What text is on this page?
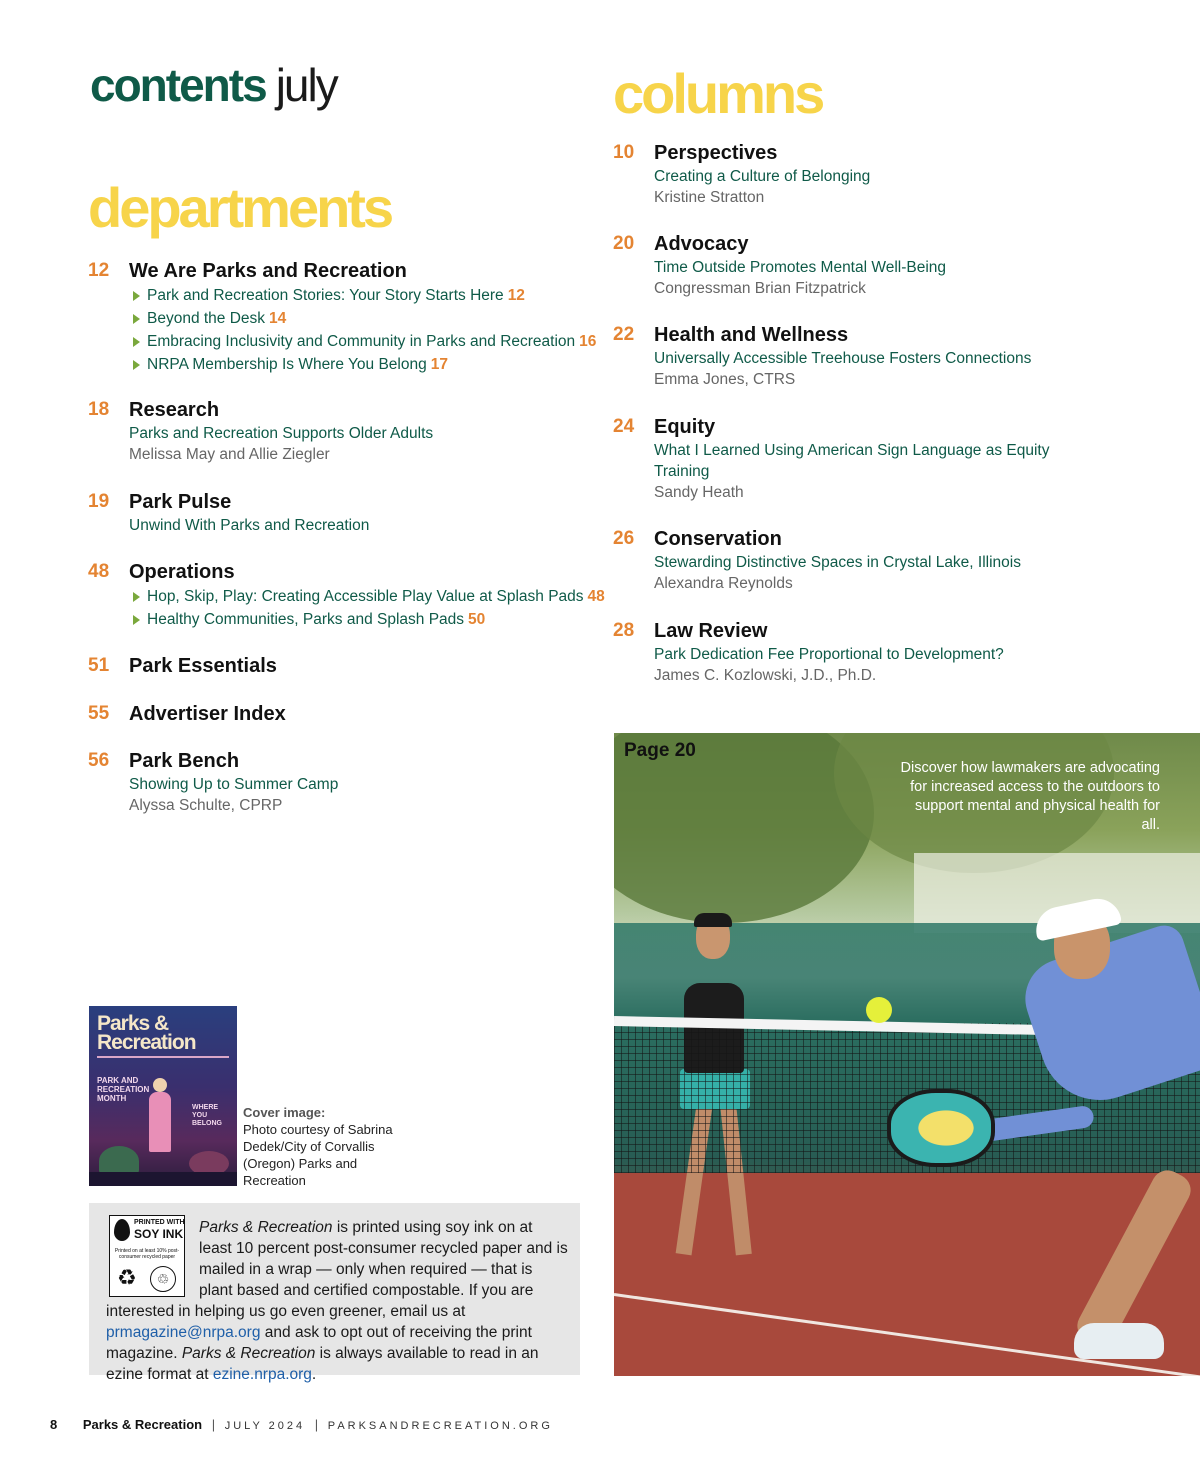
contents july
departments
columns
12 We Are Parks and Recreation
Park and Recreation Stories: Your Story Starts Here 12
Beyond the Desk 14
Embracing Inclusivity and Community in Parks and Recreation 16
NRPA Membership Is Where You Belong 17
18 Research
Parks and Recreation Supports Older Adults
Melissa May and Allie Ziegler
19 Park Pulse
Unwind With Parks and Recreation
48 Operations
Hop, Skip, Play: Creating Accessible Play Value at Splash Pads 48
Healthy Communities, Parks and Splash Pads 50
51 Park Essentials
55 Advertiser Index
56 Park Bench
Showing Up to Summer Camp
Alyssa Schulte, CPRP
10 Perspectives
Creating a Culture of Belonging
Kristine Stratton
20 Advocacy
Time Outside Promotes Mental Well-Being
Congressman Brian Fitzpatrick
22 Health and Wellness
Universally Accessible Treehouse Fosters Connections
Emma Jones, CTRS
24 Equity
What I Learned Using American Sign Language as Equity Training
Sandy Heath
26 Conservation
Stewarding Distinctive Spaces in Crystal Lake, Illinois
Alexandra Reynolds
28 Law Review
Park Dedication Fee Proportional to Development?
James C. Kozlowski, J.D., Ph.D.
Parks &
Recreation
PARK AND RECREATION MONTH
WHERE YOU BELONG
Cover image:
Photo courtesy of Sabrina Dedek/City of Corvallis (Oregon) Parks and Recreation
PRINTED WITH
SOY INK
Printed on at least 10% post-consumer recycled paper
♻	♲
Parks & Recreation is printed using soy ink on at least 10 percent post-consumer recycled paper and is mailed in a wrap — only when required — that is plant based and certified compostable. If you are interested in helping us go even greener, email us at prmagazine@nrpa.org and ask to opt out of receiving the print magazine. Parks & Recreation is always available to read in an ezine format at ezine.nrpa.org.
Page 20
Discover how lawmakers are advocating for increased access to the outdoors to support mental and physical health for all.
8 Parks & Recreation | JULY 2024 | PARKSANDRECREATION.ORG
